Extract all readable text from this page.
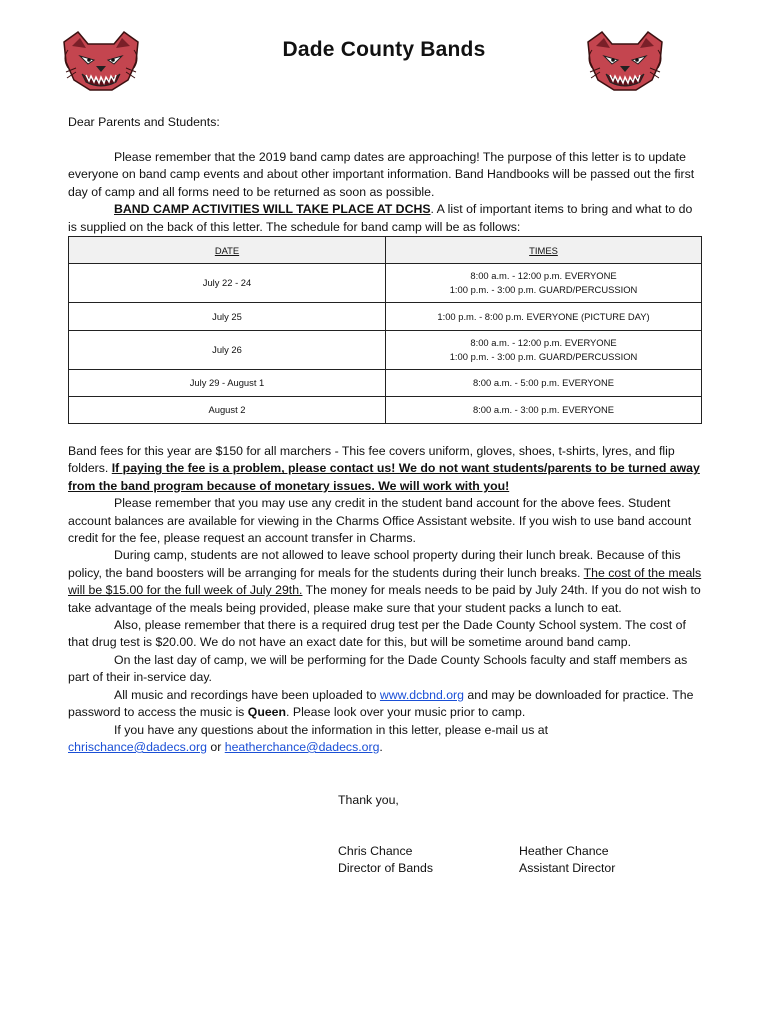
Dade County Bands

Dear Parents and Students:

Please remember that the 2019 band camp dates are approaching! The purpose of this letter is to update everyone on band camp events and about other important information. Band Handbooks will be passed out the first day of camp and all forms need to be returned as soon as possible.

BAND CAMP ACTIVITIES WILL TAKE PLACE AT DCHS. A list of important items to bring and what to do is supplied on the back of this letter. The schedule for band camp will be as follows:

DATE	TIMES
July 22 - 24	8:00 a.m. - 12:00 p.m. EVERYONE
1:00 p.m. - 3:00 p.m. GUARD/PERCUSSION

July 25	1:00 p.m. - 8:00 p.m. EVERYONE (PICTURE DAY)

July 26	8:00 a.m. - 12:00 p.m. EVERYONE
1:00 p.m. - 3:00 p.m. GUARD/PERCUSSION

July 29 - August 1	8:00 a.m. - 5:00 p.m. EVERYONE

August 2	8:00 a.m. - 3:00 p.m. EVERYONE

Band fees for this year are $150 for all marchers - This fee covers uniform, gloves, shoes, t-shirts, lyres, and flip folders. If paying the fee is a problem, please contact us! We do not want students/parents to be turned away from the band program because of monetary issues. We will work with you!

Please remember that you may use any credit in the student band account for the above fees. Student account balances are available for viewing in the Charms Office Assistant website. If you wish to use band account credit for the fee, please request an account transfer in Charms.

During camp, students are not allowed to leave school property during their lunch break. Because of this policy, the band boosters will be arranging for meals for the students during their lunch breaks. The cost of the meals will be $15.00 for the full week of July 29th. The money for meals needs to be paid by July 24th. If you do not wish to take advantage of the meals being provided, please make sure that your student packs a lunch to eat.

Also, please remember that there is a required drug test per the Dade County School system. The cost of that drug test is $20.00. We do not have an exact date for this, but will be sometime around band camp.

On the last day of camp, we will be performing for the Dade County Schools faculty and staff members as part of their in-service day.

All music and recordings have been uploaded to www.dcbnd.org and may be downloaded for practice. The password to access the music is Queen. Please look over your music prior to camp.

If you have any questions about the information in this letter, please e-mail us at

chrischance@dadecs.org or heatherchance@dadecs.org.

Thank you,
Chris Chance
Director of Bands
Heather Chance
Assistant Director
